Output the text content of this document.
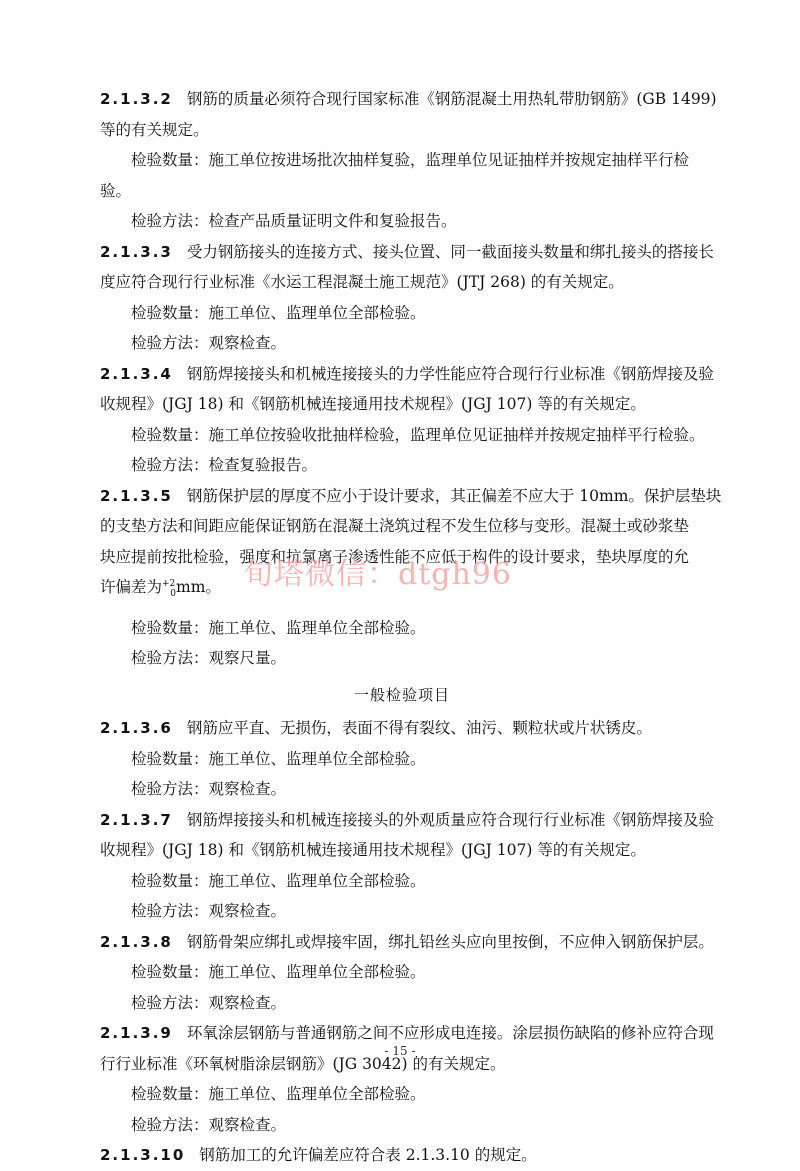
2.1.3.2 钢筋的质量必须符合现行国家标准《钢筋混凝土用热轧带肋钢筋》(GB 1499)
等的有关规定。
检验数量：施工单位按进场批次抽样复验，监理单位见证抽样并按规定抽样平行检
验。
检验方法：检查产品质量证明文件和复验报告。
2.1.3.3 受力钢筋接头的连接方式、接头位置、同一截面接头数量和绑扎接头的搭接长
度应符合现行行业标准《水运工程混凝土施工规范》(JTJ 268) 的有关规定。
检验数量：施工单位、监理单位全部检验。
检验方法：观察检查。
2.1.3.4 钢筋焊接接头和机械连接接头的力学性能应符合现行行业标准《钢筋焊接及验
收规程》(JGJ 18) 和《钢筋机械连接通用技术规程》(JGJ 107) 等的有关规定。
检验数量：施工单位按验收批抽样检验，监理单位见证抽样并按规定抽样平行检验。
检验方法：检查复验报告。
2.1.3.5 钢筋保护层的厚度不应小于设计要求，其正偏差不应大于 10mm。保护层垫块
的支垫方法和间距应能保证钢筋在混凝土浇筑过程不发生位移与变形。混凝土或砂浆垫
块应提前按批检验，强度和抗氯离子渗透性能不应低于构件的设计要求，垫块厚度的允
许偏差为$^{+2}_0$mm。
检验数量：施工单位、监理单位全部检验。
检验方法：观察尺量。
一般检验项目
2.1.3.6 钢筋应平直、无损伤，表面不得有裂纹、油污、颗粒状或片状锈皮。
检验数量：施工单位、监理单位全部检验。
检验方法：观察检查。
2.1.3.7 钢筋焊接接头和机械连接接头的外观质量应符合现行行业标准《钢筋焊接及验
收规程》(JGJ 18) 和《钢筋机械连接通用技术规程》(JGJ 107) 等的有关规定。
检验数量：施工单位、监理单位全部检验。
检验方法：观察检查。
2.1.3.8 钢筋骨架应绑扎或焊接牢固，绑扎铅丝头应向里按倒，不应伸入钢筋保护层。
检验数量：施工单位、监理单位全部检验。
检验方法：观察检查。
2.1.3.9 环氧涂层钢筋与普通钢筋之间不应形成电连接。涂层损伤缺陷的修补应符合现
行行业标准《环氧树脂涂层钢筋》(JG 3042) 的有关规定。
检验数量：施工单位、监理单位全部检验。
检验方法：观察检查。
2.1.3.10 钢筋加工的允许偏差应符合表 2.1.3.10 的规定。
旬塔微信：dtgh96
- 15 -
